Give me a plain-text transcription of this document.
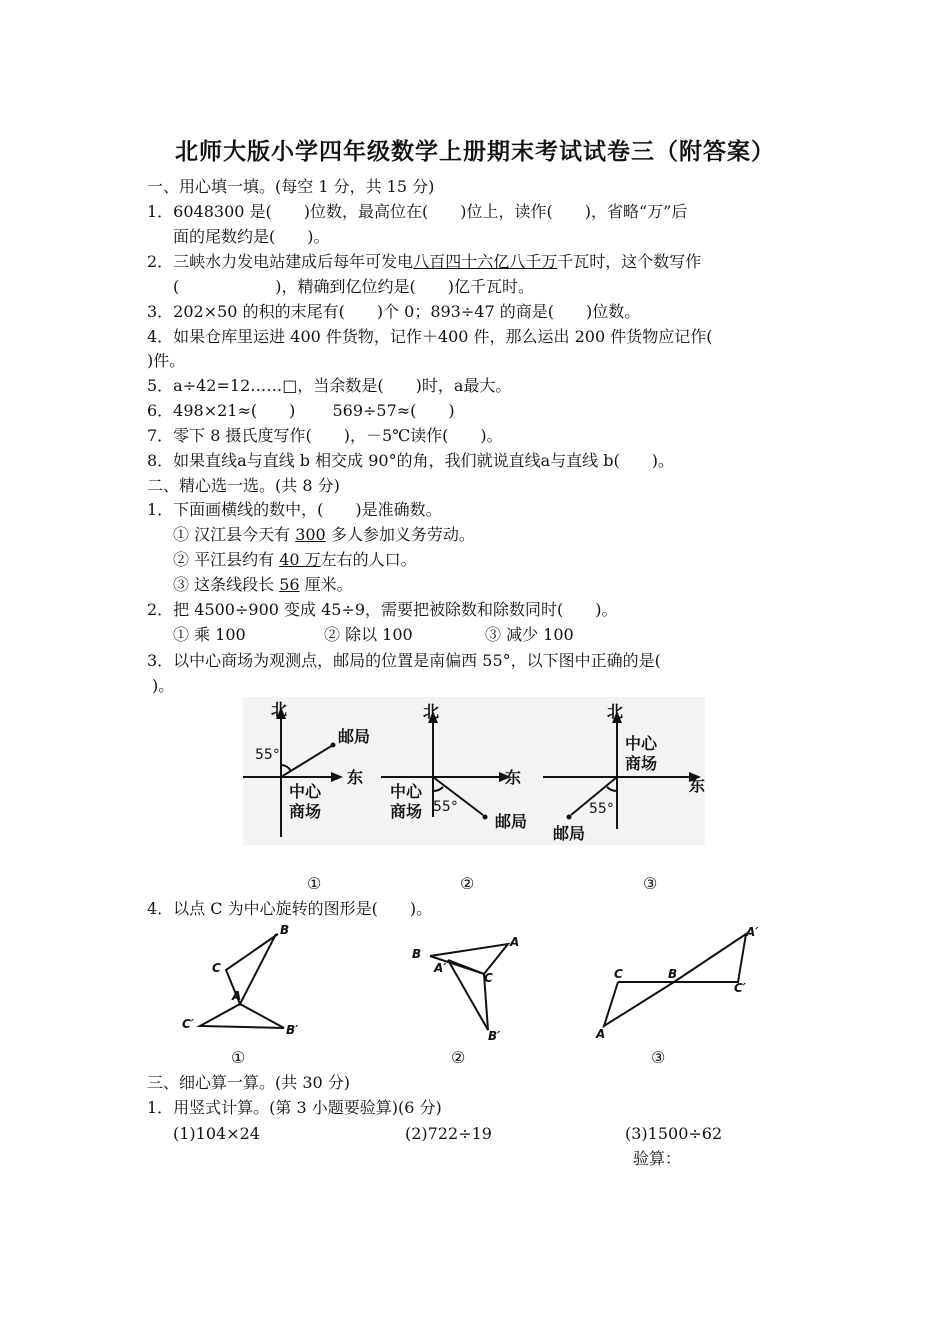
北师大版小学四年级数学上册期末考试试卷三（附答案）
一、用心填一填。(每空 1 分，共 15 分)
1．6048300 是(　　)位数，最高位在(　　)位上，读作(　　)，省略“万”后
面的尾数约是(　　)。
2．三峡水力发电站建成后每年可发电八百四十六亿八千万千瓦时，这个数写作
(　　　　　　)，精确到亿位约是(　　)亿千瓦时。
3．202×50 的积的末尾有(　　)个 0；893÷47 的商是(　　)位数。
4．如果仓库里运进 400 件货物，记作＋400 件，那么运出 200 件货物应记作(
)件。
5．a÷42=12……□，当余数是(　　)时，a最大。
6．498×21≈(　　)　　 569÷57≈(　　)
7．零下 8 摄氏度写作(　　)，－5℃读作(　　)。
8．如果直线a与直线 b 相交成 90°的角，我们就说直线a与直线 b(　　)。
二、精心选一选。(共 8 分)
1．下面画横线的数中，(　　)是准确数。
① 汉江县今天有 300 多人参加义务劳动。
② 平江县约有 40 万左右的人口。
③ 这条线段长 56 厘米。
2．把 4500÷900 变成 45÷9，需要把被除数和除数同时(　　)。
① 乘 100	② 除以 100	③ 减少 100
3．以中心商场为观测点，邮局的位置是南偏西 55°，以下图中正确的是(
)。
北
东
邮局
中心
商场
北
东
中心
商场
邮局
北
东
中心
商场
邮局
55°
55°	55°
①	②	③
4．以点 C 为中心旋转的图形是(　　)。
B
C
A
C′	B′
A
C
B′
A′	C	B
C′
A′
A
B
①	②	③
三、细心算一算。(共 30 分)
1．用竖式计算。(第 3 小题要验算)(6 分)
(1)104×24	(2)722÷19	(3)1500÷62
验算：
